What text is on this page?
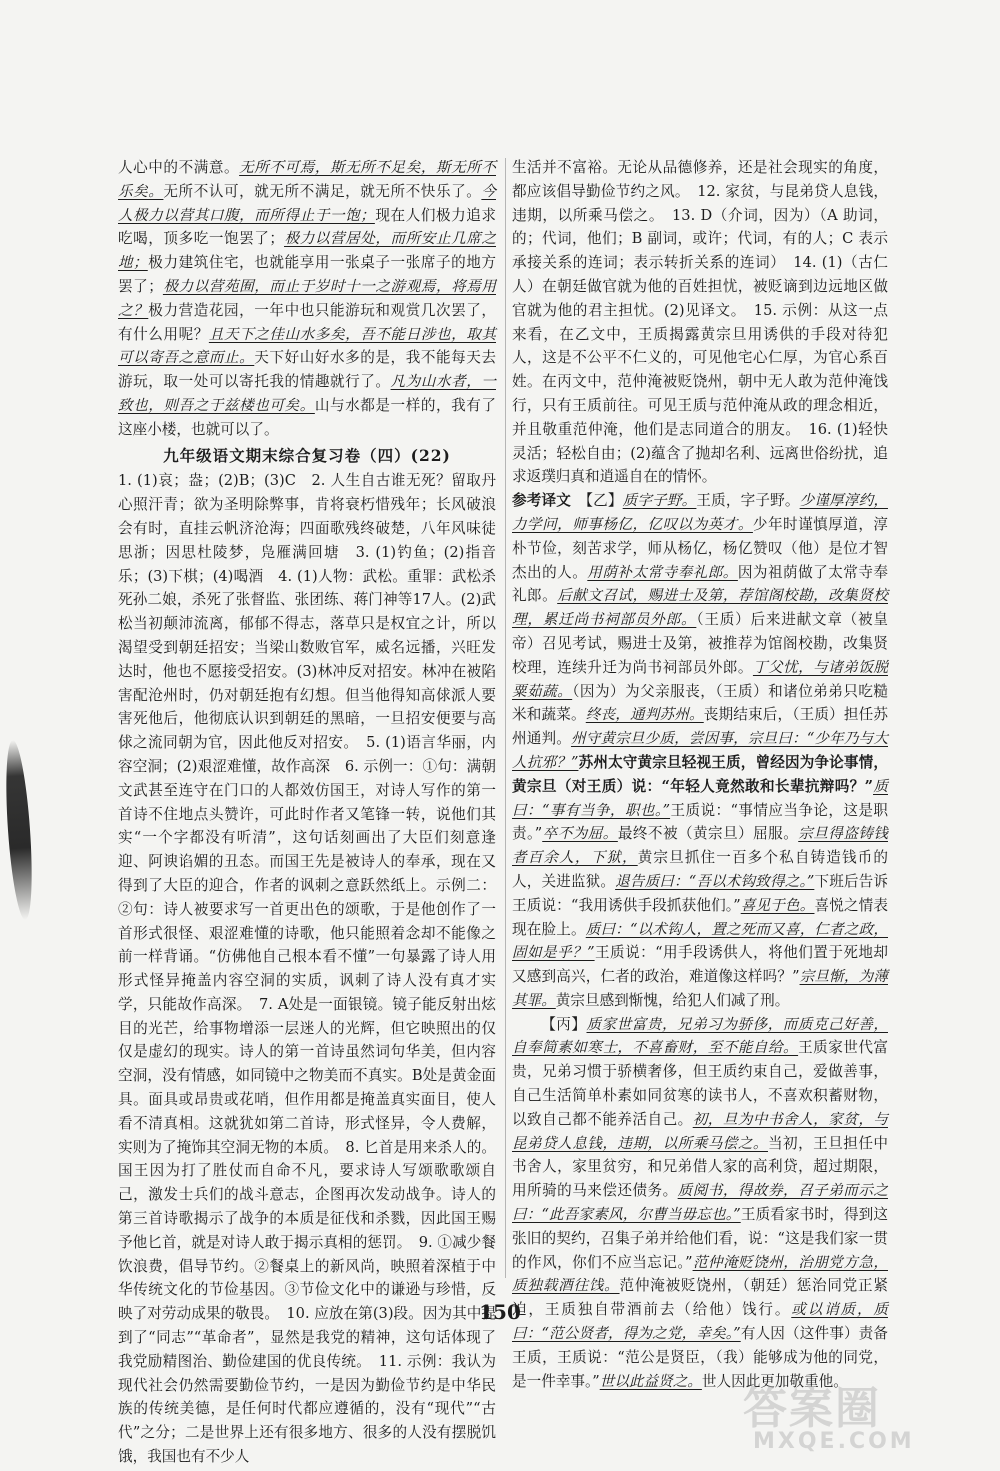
人心中的不满意。无所不可焉，斯无所不足矣，斯无所不乐矣。无所不认可，就无所不满足，就无所不快乐了。今人极力以营其口腹，而所得止于一饱；现在人们极力追求吃喝，顶多吃一饱罢了；极力以营居处，而所安止几席之地；极力建筑住宅，也就能享用一张桌子一张席子的地方罢了；极力以营苑囿，而止于岁时十一之游观焉，将焉用之？极力营造花园，一年中也只能游玩和观赏几次罢了，有什么用呢？且天下之佳山水多矣，吾不能日涉也，取其可以寄吾之意而止。天下好山好水多的是，我不能每天去游玩，取一处可以寄托我的情趣就行了。凡为山水者，一致也，则吾之于兹楼也可矣。山与水都是一样的，我有了这座小楼，也就可以了。

九年级语文期末综合复习卷（四）(22)

1. (1)哀；盎；(2)B；(3)C　2. 人生自古谁无死？留取丹心照汗青；欲为圣明除弊事，肯将衰朽惜残年；长风破浪会有时，直挂云帆济沧海；四面歌残终破楚，八年风味徒思浙；因思杜陵梦，凫雁满回塘　3. (1)钓鱼；(2)指音乐；(3)下棋；(4)喝酒　4. (1)人物：武松。重罪：武松杀死孙二娘，杀死了张督监、张团练、蒋门神等17人。(2)武松当初颠沛流离，郁郁不得志，落草只是权宜之计，所以渴望受到朝廷招安；当梁山数败官军，威名远播，兴旺发达时，他也不愿接受招安。(3)林冲反对招安。林冲在被陷害配沧州时，仍对朝廷抱有幻想。但当他得知高俅派人要害死他后，他彻底认识到朝廷的黑暗，一旦招安便要与高俅之流同朝为官，因此他反对招安。　5. (1)语言华丽，内容空洞；(2)艰涩难懂，故作高深　6. 示例一：①句：满朝文武甚至连守在门口的人都效仿国王，对诗人写作的第一首诗不住地点头赞许，可此时作者又笔锋一转，说他们其实“一个字都没有听清”，这句话刻画出了大臣们刻意逢迎、阿谀谄媚的丑态。而国王先是被诗人的奉承，现在又得到了大臣的迎合，作者的讽刺之意跃然纸上。示例二：②句：诗人被要求写一首更出色的颂歌，于是他创作了一首形式很怪、艰涩难懂的诗歌，他只能照着念却不能像之前一样背诵。“仿佛他自己根本看不懂”一句暴露了诗人用形式怪异掩盖内容空洞的实质，讽刺了诗人没有真才实学，只能故作高深。　7. A处是一面银镜。镜子能反射出炫目的光芒，给事物增添一层迷人的光辉，但它映照出的仅仅是虚幻的现实。诗人的第一首诗虽然词句华美，但内容空洞，没有情感，如同镜中之物美而不真实。B处是黄金面具。面具或昂贵或花哨，但作用都是掩盖真实面目，使人看不清真相。这就犹如第二首诗，形式怪异，令人费解，实则为了掩饰其空洞无物的本质。　8. 匕首是用来杀人的。国王因为打了胜仗而自命不凡，要求诗人写颂歌歌颂自己，激发士兵们的战斗意志，企图再次发动战争。诗人的第三首诗歌揭示了战争的本质是征伐和杀戮，因此国王赐予他匕首，就是对诗人敢于揭示真相的惩罚。　9. ①减少餐饮浪费，倡导节约。②餐桌上的新风尚，映照着深植于中华传统文化的节俭基因。③节俭文化中的谦逊与珍惜，反映了对劳动成果的敬畏。　10. 应放在第(3)段。因为其中提到了“同志”“革命者”，显然是我党的精神，这句话体现了我党励精图治、勤俭建国的优良传统。　11. 示例：我认为现代社会仍然需要勤俭节约，一是因为勤俭节约是中华民族的传统美德，是任何时代都应遵循的，没有“现代”“古代”之分；二是世界上还有很多地方、很多的人没有摆脱饥饿，我国也有不少人

生活并不富裕。无论从品德修养，还是社会现实的角度，都应该倡导勤俭节约之风。　12. 家贫，与昆弟贷人息钱，违期，以所乘马偿之。　13. D（介词，因为）（A 助词，的；代词，他们；B 副词，或许；代词，有的人；C 表示承接关系的连词；表示转折关系的连词）　14. (1)（古仁人）在朝廷做官就为他的百姓担忧，被贬谪到边远地区做官就为他的君主担忧。(2)见译文。　15. 示例：从这一点来看，在乙文中，王质揭露黄宗旦用诱供的手段对待犯人，这是不公平不仁义的，可见他宅心仁厚，为官心系百姓。在丙文中，范仲淹被贬饶州，朝中无人敢为范仲淹饯行，只有王质前往。可见王质与范仲淹从政的理念相近，并且敬重范仲淹，他们是志同道合的朋友。　16. (1)轻快灵活；轻松自由；(2)蕴含了抛却名利、远离世俗纷扰，追求返璞归真和逍遥自在的情怀。

参考译文　【乙】质字子野。王质，字子野。少谨厚淳约，力学问，师事杨亿，亿叹以为英才。少年时谨慎厚道，淳朴节俭，刻苦求学，师从杨亿，杨亿赞叹（他）是位才智杰出的人。用荫补太常寺奉礼郎。因为祖荫做了太常寺奉礼郎。后献文召试，赐进士及第，荐馆阁校勘，改集贤校理，累迁尚书祠部员外郎。（王质）后来进献文章（被皇帝）召见考试，赐进士及第，被推荐为馆阁校勘，改集贤校理，连续升迁为尚书祠部员外郎。丁父忧，与诸弟饭脱粟茹蔬。（因为）为父亲服丧，（王质）和诸位弟弟只吃糙米和蔬菜。终丧，通判苏州。丧期结束后，（王质）担任苏州通判。州守黄宗旦少质，尝因事，宗旦曰：“少年乃与大人抗邪？”苏州太守黄宗旦轻视王质，曾经因为争论事情，黄宗旦（对王质）说：“年轻人竟然敢和长辈抗辩吗？”质曰：“事有当争，职也。”王质说：“事情应当争论，这是职责。”卒不为屈。最终不被（黄宗旦）屈服。宗旦得盗铸钱者百余人，下狱，黄宗旦抓住一百多个私自铸造钱币的人，关进监狱。退告质曰：“吾以术钩致得之。”下班后告诉王质说：“我用诱供手段抓获他们。”喜见于色。喜悦之情表现在脸上。质曰：“以术钩人，置之死而又喜，仁者之政，固如是乎？”王质说：“用手段诱供人，将他们置于死地却又感到高兴，仁者的政治，难道像这样吗？”宗旦惭，为薄其罪。黄宗旦感到惭愧，给犯人们减了刑。

【丙】质家世富贵，兄弟习为骄侈，而质克己好善，自奉简素如寒士，不喜畜财，至不能自给。王质家世代富贵，兄弟习惯于骄横奢侈，但王质约束自己，爱做善事，自己生活简单朴素如同贫寒的读书人，不喜欢积蓄财物，以致自己都不能养活自己。初，旦为中书舍人，家贫，与昆弟贷人息钱，违期，以所乘马偿之。当初，王旦担任中书舍人，家里贫穷，和兄弟借人家的高利贷，超过期限，用所骑的马来偿还债务。质阅书，得故券，召子弟而示之曰：“此吾家素风，尔曹当毋忘也。”王质看家书时，得到这张旧的契约，召集子弟并给他们看，说：“这是我们家一贯的作风，你们不应当忘记。”范仲淹贬饶州，治朋党方急，质独载酒往饯。范仲淹被贬饶州，（朝廷）惩治同党正紧迫，王质独自带酒前去（给他）饯行。或以诮质，质曰：“范公贤者，得为之党，幸矣。”有人因（这件事）责备王质，王质说：“范公是贤臣，（我）能够成为他的同党，是一件幸事。”世以此益贤之。世人因此更加敬重他。

150
答案圈
MXQE.COM
